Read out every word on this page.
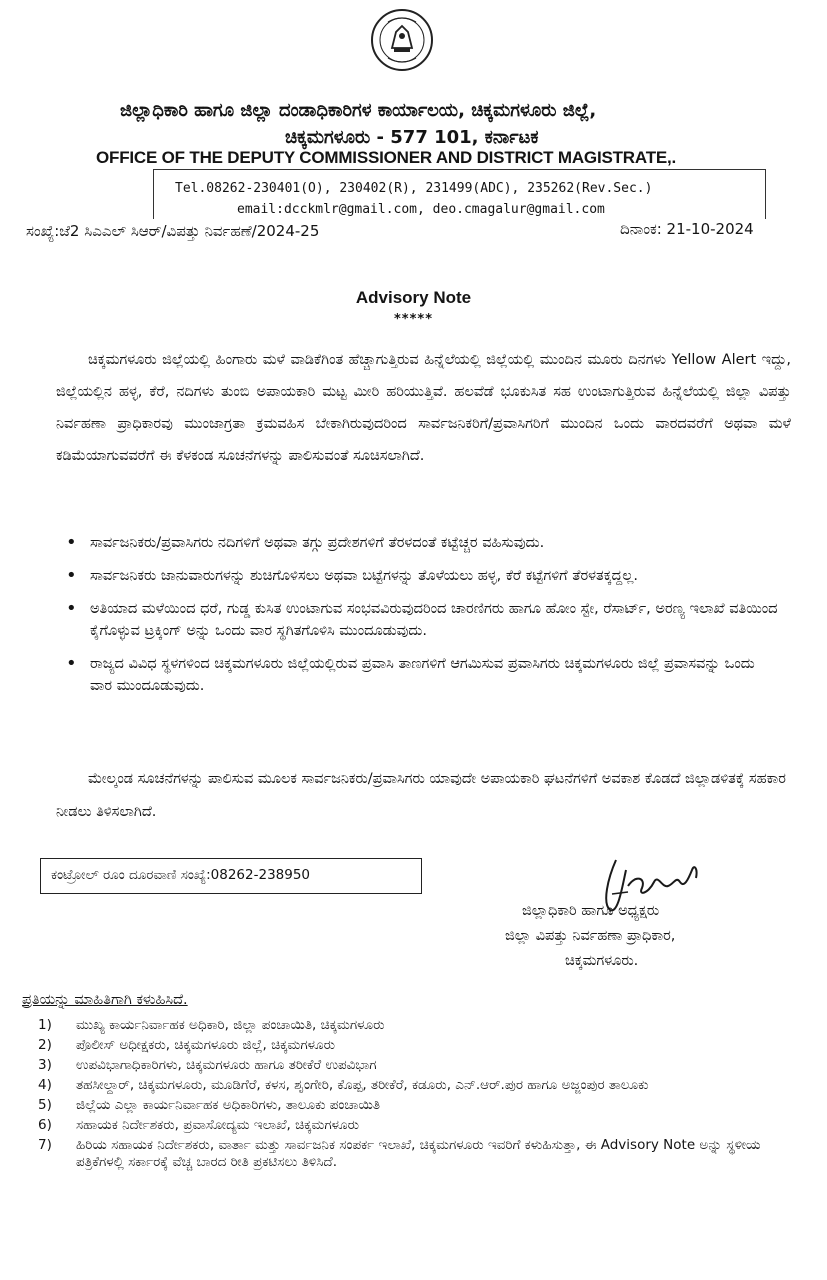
ಜಿಲ್ಲಾಧಿಕಾರಿ ಹಾಗೂ ಜಿಲ್ಲಾ ದಂಡಾಧಿಕಾರಿಗಳ ಕಾರ್ಯಾಲಯ, ಚಿಕ್ಕಮಗಳೂರು ಜಿಲ್ಲೆ,
ಚಿಕ್ಕಮಗಳೂರು - 577 101, ಕರ್ನಾಟಕ
OFFICE OF THE DEPUTY COMMISSIONER AND DISTRICT MAGISTRATE,.
Tel.08262-230401(O), 230402(R), 231499(ADC), 235262(Rev.Sec.)
email:dcckmlr@gmail.com, deo.cmagalur@gmail.com
ಸಂಖ್ಯೆ:ಜೆ2 ಸಿಎಎಲ್ ಸಿಆರ್/ವಿಪತ್ತು ನಿರ್ವಹಣೆ/2024-25	ದಿನಾಂಕ: 21-10-2024
Advisory Note
*****
ಚಿಕ್ಕಮಗಳೂರು ಜಿಲ್ಲೆಯಲ್ಲಿ ಹಿಂಗಾರು ಮಳೆ ವಾಡಿಕೆಗಿಂತ ಹೆಚ್ಚಾಗುತ್ತಿರುವ ಹಿನ್ನೆಲೆಯಲ್ಲಿ ಜಿಲ್ಲೆಯಲ್ಲಿ ಮುಂದಿನ ಮೂರು ದಿನಗಳು Yellow Alert ಇದ್ದು, ಜಿಲ್ಲೆಯಲ್ಲಿನ ಹಳ್ಳ, ಕೆರೆ, ನದಿಗಳು ತುಂಬಿ ಅಪಾಯಕಾರಿ ಮಟ್ಟ ಮೀರಿ ಹರಿಯುತ್ತಿವೆ. ಹಲವೆಡೆ ಭೂಕುಸಿತ ಸಹ ಉಂಟಾಗುತ್ತಿರುವ ಹಿನ್ನೆಲೆಯಲ್ಲಿ ಜಿಲ್ಲಾ ವಿಪತ್ತು ನಿರ್ವಹಣಾ ಪ್ರಾಧಿಕಾರವು ಮುಂಜಾಗ್ರತಾ ಕ್ರಮವಹಿಸ ಬೇಕಾಗಿರುವುದರಿಂದ ಸಾರ್ವಜನಿಕರಿಗೆ/ಪ್ರವಾಸಿಗರಿಗೆ ಮುಂದಿನ ಒಂದು ವಾರದವರೆಗೆ ಅಥವಾ ಮಳೆ ಕಡಿಮೆಯಾಗುವವರೆಗೆ ಈ ಕೆಳಕಂಡ ಸೂಚನೆಗಳನ್ನು ಪಾಲಿಸುವಂತೆ ಸೂಚಿಸಲಾಗಿದೆ.
• ಸಾರ್ವಜನಿಕರು/ಪ್ರವಾಸಿಗರು ನದಿಗಳಿಗೆ ಅಥವಾ ತಗ್ಗು ಪ್ರದೇಶಗಳಿಗೆ ತೆರಳದಂತೆ ಕಟ್ಟೆಚ್ಚರ ವಹಿಸುವುದು.
• ಸಾರ್ವಜನಿಕರು ಜಾನುವಾರುಗಳನ್ನು ಶುಚಿಗೊಳಿಸಲು ಅಥವಾ ಬಟ್ಟೆಗಳನ್ನು ತೊಳೆಯಲು ಹಳ್ಳ, ಕೆರೆ ಕಟ್ಟೆಗಳಿಗೆ ತೆರಳತಕ್ಕದ್ದಲ್ಲ.
• ಅತಿಯಾದ ಮಳೆಯಿಂದ ಧರೆ, ಗುಡ್ಡ ಕುಸಿತ ಉಂಟಾಗುವ ಸಂಭವವಿರುವುದರಿಂದ ಚಾರಣಿಗರು ಹಾಗೂ ಹೋಂ ಸ್ಟೇ, ರೆಸಾರ್ಟ್, ಅರಣ್ಯ ಇಲಾಖೆ ವತಿಯಿಂದ ಕೈಗೊಳ್ಳುವ ಟ್ರಕ್ಕಿಂಗ್ ಅನ್ನು ಒಂದು ವಾರ ಸ್ಥಗಿತಗೊಳಿಸಿ ಮುಂದೂಡುವುದು.
• ರಾಜ್ಯದ ವಿವಿಧ ಸ್ಥಳಗಳಿಂದ ಚಿಕ್ಕಮಗಳೂರು ಜಿಲ್ಲೆಯಲ್ಲಿರುವ ಪ್ರವಾಸಿ ತಾಣಗಳಿಗೆ ಆಗಮಿಸುವ ಪ್ರವಾಸಿಗರು ಚಿಕ್ಕಮಗಳೂರು ಜಿಲ್ಲೆ ಪ್ರವಾಸವನ್ನು ಒಂದು ವಾರ ಮುಂದೂಡುವುದು.
ಮೇಲ್ಕಂಡ ಸೂಚನೆಗಳನ್ನು ಪಾಲಿಸುವ ಮೂಲಕ ಸಾರ್ವಜನಿಕರು/ಪ್ರವಾಸಿಗರು ಯಾವುದೇ ಅಪಾಯಕಾರಿ ಘಟನೆಗಳಿಗೆ ಅವಕಾಶ ಕೊಡದೆ ಜಿಲ್ಲಾಡಳಿತಕ್ಕೆ ಸಹಕಾರ ನೀಡಲು ತಿಳಿಸಲಾಗಿದೆ.
ಕಂಟ್ರೋಲ್ ರೂಂ ದೂರವಾಣಿ ಸಂಖ್ಯೆ:08262-238950
ಜಿಲ್ಲಾಧಿಕಾರಿ ಹಾಗೂ ಅಧ್ಯಕ್ಷರು
ಜಿಲ್ಲಾ ವಿಪತ್ತು ನಿರ್ವಹಣಾ ಪ್ರಾಧಿಕಾರ,
ಚಿಕ್ಕಮಗಳೂರು.
ಪ್ರತಿಯನ್ನು ಮಾಹಿತಿಗಾಗಿ ಕಳುಹಿಸಿದೆ.
1) ಮುಖ್ಯ ಕಾರ್ಯನಿರ್ವಾಹಕ ಅಧಿಕಾರಿ, ಜಿಲ್ಲಾ ಪಂಚಾಯಿತಿ, ಚಿಕ್ಕಮಗಳೂರು
2) ಪೊಲೀಸ್ ಅಧೀಕ್ಷಕರು, ಚಿಕ್ಕಮಗಳೂರು ಜಿಲ್ಲೆ, ಚಿಕ್ಕಮಗಳೂರು
3) ಉಪವಿಭಾಗಾಧಿಕಾರಿಗಳು, ಚಿಕ್ಕಮಗಳೂರು ಹಾಗೂ ತರೀಕೆರೆ ಉಪವಿಭಾಗ
4) ತಹಸೀಲ್ದಾರ್, ಚಿಕ್ಕಮಗಳೂರು, ಮೂಡಿಗೆರೆ, ಕಳಸ, ಶೃಂಗೇರಿ, ಕೊಪ್ಪ, ತರೀಕೆರೆ, ಕಡೂರು, ಎನ್.ಆರ್.ಪುರ ಹಾಗೂ ಅಜ್ಜಂಪುರ ತಾಲೂಕು
5) ಜಿಲ್ಲೆಯ ಎಲ್ಲಾ ಕಾರ್ಯನಿರ್ವಾಹಕ ಅಧಿಕಾರಿಗಳು, ತಾಲೂಕು ಪಂಚಾಯಿತಿ
6) ಸಹಾಯಕ ನಿರ್ದೇಶಕರು, ಪ್ರವಾಸೋದ್ಯಮ ಇಲಾಖೆ, ಚಿಕ್ಕಮಗಳೂರು
7) ಹಿರಿಯ ಸಹಾಯಕ ನಿರ್ದೇಶಕರು, ವಾರ್ತಾ ಮತ್ತು ಸಾರ್ವಜನಿಕ ಸಂಪರ್ಕ ಇಲಾಖೆ, ಚಿಕ್ಕಮಗಳೂರು ಇವರಿಗೆ ಕಳುಹಿಸುತ್ತಾ, ಈ Advisory Note ಅನ್ನು ಸ್ಥಳೀಯ ಪತ್ರಿಕೆಗಳಲ್ಲಿ ಸರ್ಕಾರಕ್ಕೆ ವೆಚ್ಚ ಬಾರದ ರೀತಿ ಪ್ರಕಟಿಸಲು ತಿಳಿಸಿದೆ.
